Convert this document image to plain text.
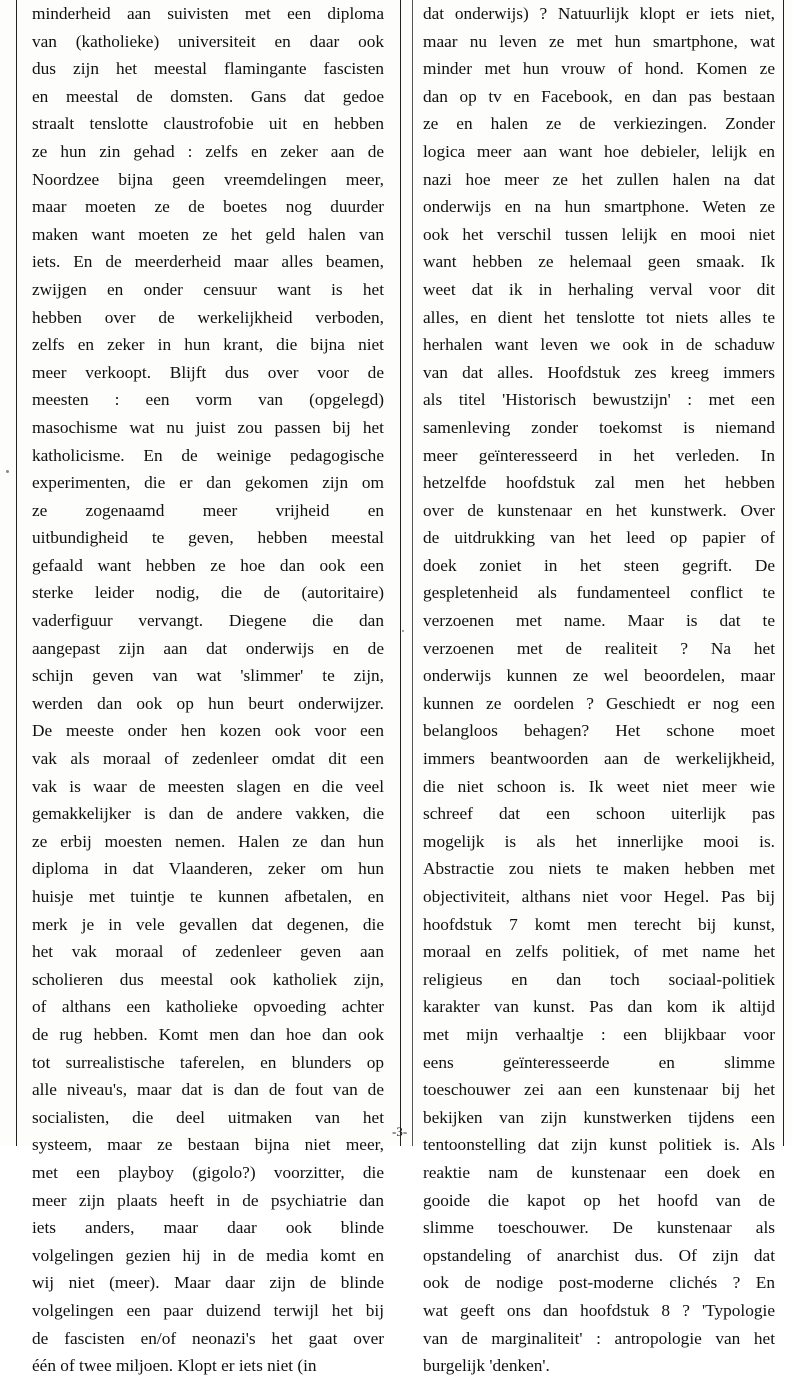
minderheid aan suivisten met een diploma
van (katholieke) universiteit en daar ook
dus zijn het meestal flamingante fascisten
en meestal de domsten. Gans dat gedoe
straalt tenslotte claustrofobie uit en hebben
ze hun zin gehad : zelfs en zeker aan de
Noordzee bijna geen vreemdelingen meer,
maar moeten ze de boetes nog duurder
maken want moeten ze het geld halen van
iets. En de meerderheid maar alles beamen,
zwijgen en onder censuur want is het
hebben over de werkelijkheid verboden,
zelfs en zeker in hun krant, die bijna niet
meer verkoopt. Blijft dus over voor de
meesten : een vorm van (opgelegd)
masochisme wat nu juist zou passen bij het
katholicisme. En de weinige pedagogische
experimenten, die er dan gekomen zijn om
ze zogenaamd meer vrijheid en
uitbundigheid te geven, hebben meestal
gefaald want hebben ze hoe dan ook een
sterke leider nodig, die de (autoritaire)
vaderfiguur vervangt. Diegene die dan
aangepast zijn aan dat onderwijs en de
schijn geven van wat 'slimmer' te zijn,
werden dan ook op hun beurt onderwijzer.
De meeste onder hen kozen ook voor een
vak als moraal of zedenleer omdat dit een
vak is waar de meesten slagen en die veel
gemakkelijker is dan de andere vakken, die
ze erbij moesten nemen. Halen ze dan hun
diploma in dat Vlaanderen, zeker om hun
huisje met tuintje te kunnen afbetalen, en
merk je in vele gevallen dat degenen, die
het vak moraal of zedenleer geven aan
scholieren dus meestal ook katholiek zijn,
of althans een katholieke opvoeding achter
de rug hebben. Komt men dan hoe dan ook
tot surrealistische taferelen, en blunders op
alle niveau's, maar dat is dan de fout van de
socialisten, die deel uitmaken van het
systeem, maar ze bestaan bijna niet meer,
met een playboy (gigolo?) voorzitter, die
meer zijn plaats heeft in de psychiatrie dan
iets anders, maar daar ook blinde
volgelingen gezien hij in de media komt en
wij niet (meer). Maar daar zijn de blinde
volgelingen een paar duizend terwijl het bij
de fascisten en/of neonazi's het gaat over
één of twee miljoen. Klopt er iets niet (in
dat onderwijs) ? Natuurlijk klopt er iets niet,
maar nu leven ze met hun smartphone, wat
minder met hun vrouw of hond. Komen ze
dan op tv en Facebook, en dan pas bestaan
ze en halen ze de verkiezingen. Zonder
logica meer aan want hoe debieler, lelijk en
nazi hoe meer ze het zullen halen na dat
onderwijs en na hun smartphone. Weten ze
ook het verschil tussen lelijk en mooi niet
want hebben ze helemaal geen smaak. Ik
weet dat ik in herhaling verval voor dit
alles, en dient het tenslotte tot niets alles te
herhalen want leven we ook in de schaduw
van dat alles. Hoofdstuk zes kreeg immers
als titel 'Historisch bewustzijn' : met een
samenleving zonder toekomst is niemand
meer geïnteresseerd in het verleden. In
hetzelfde hoofdstuk zal men het hebben
over de kunstenaar en het kunstwerk. Over
de uitdrukking van het leed op papier of
doek zoniet in het steen gegrift. De
gespletenheid als fundamenteel conflict te
verzoenen met name. Maar is dat te
verzoenen met de realiteit ? Na het
onderwijs kunnen ze wel beoordelen, maar
kunnen ze oordelen ? Geschiedt er nog een
belangloos behagen? Het schone moet
immers beantwoorden aan de werkelijkheid,
die niet schoon is. Ik weet niet meer wie
schreef dat een schoon uiterlijk pas
mogelijk is als het innerlijke mooi is.
Abstractie zou niets te maken hebben met
objectiviteit, althans niet voor Hegel. Pas bij
hoofdstuk 7 komt men terecht bij kunst,
moraal en zelfs politiek, of met name het
religieus en dan toch sociaal-politiek
karakter van kunst. Pas dan kom ik altijd
met mijn verhaaltje : een blijkbaar voor
eens geïnteresseerde en slimme
toeschouwer zei aan een kunstenaar bij het
bekijken van zijn kunstwerken tijdens een
tentoonstelling dat zijn kunst politiek is. Als
reaktie nam de kunstenaar een doek en
gooide die kapot op het hoofd van de
slimme toeschouwer. De kunstenaar als
opstandeling of anarchist dus. Of zijn dat
ook de nodige post-moderne clichés ? En
wat geeft ons dan hoofdstuk 8 ? 'Typologie
van de marginaliteit' : antropologie van het
burgelijk 'denken'.
-3-
